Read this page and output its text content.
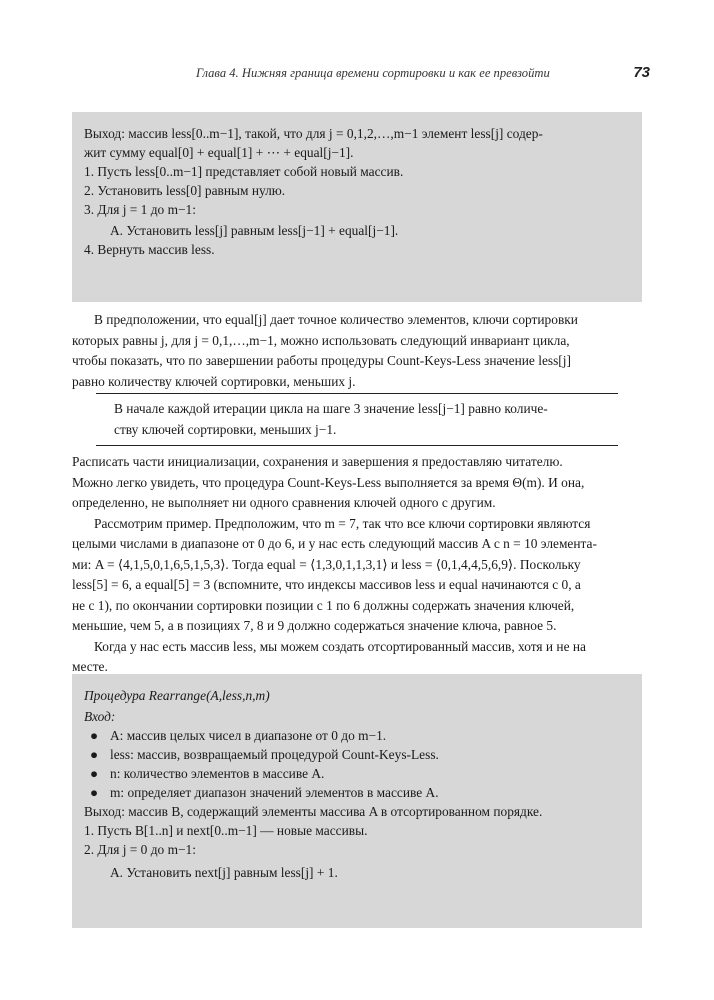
Глава 4. Нижняя граница времени сортировки и как ее превзойти	73

Выход: массив less[0..m−1], такой, что для j = 0,1,2,…,m−1 элемент less[j] содер-

жит сумму equal[0] + equal[1] + ⋯ + equal[j−1].

1. Пусть less[0..m−1] представляет собой новый массив.

2. Установить less[0] равным нулю.

3. Для j = 1 до m−1:

A. Установить less[j] равным less[j−1] + equal[j−1].

4. Вернуть массив less.

В предположении, что equal[j] дает точное количество элементов, ключи сортировки

которых равны j, для j = 0,1,…,m−1, можно использовать следующий инвариант цикла,

чтобы показать, что по завершении работы процедуры Count-Keys-Less значение less[j]

равно количеству ключей сортировки, меньших j.

В начале каждой итерации цикла на шаге 3 значение less[j−1] равно количе-

ству ключей сортировки, меньших j−1.

Расписать части инициализации, сохранения и завершения я предоставляю читателю.

Можно легко увидеть, что процедура Count-Keys-Less выполняется за время Θ(m). И она,

определенно, не выполняет ни одного сравнения ключей одного с другим.

Рассмотрим пример. Предположим, что m = 7, так что все ключи сортировки являются

целыми числами в диапазоне от 0 до 6, и у нас есть следующий массив A с n = 10 элемента-

ми: A = ⟨4,1,5,0,1,6,5,1,5,3⟩. Тогда equal = ⟨1,3,0,1,1,3,1⟩ и less = ⟨0,1,4,4,5,6,9⟩. Поскольку

less[5] = 6, а equal[5] = 3 (вспомните, что индексы массивов less и equal начинаются с 0, а

не с 1), по окончании сортировки позиции с 1 по 6 должны содержать значения ключей,

меньшие, чем 5, а в позициях 7, 8 и 9 должно содержаться значение ключа, равное 5.

Когда у нас есть массив less, мы можем создать отсортированный массив, хотя и не на

месте.

Процедура Rearrange(A,less,n,m)

Вход:

● A: массив целых чисел в диапазоне от 0 до m−1.

● less: массив, возвращаемый процедурой Count-Keys-Less.

● n: количество элементов в массиве A.

● m: определяет диапазон значений элементов в массиве A.

Выход: массив B, содержащий элементы массива A в отсортированном порядке.

1. Пусть B[1..n] и next[0..m−1] — новые массивы.

2. Для j = 0 до m−1:

A. Установить next[j] равным less[j] + 1.
